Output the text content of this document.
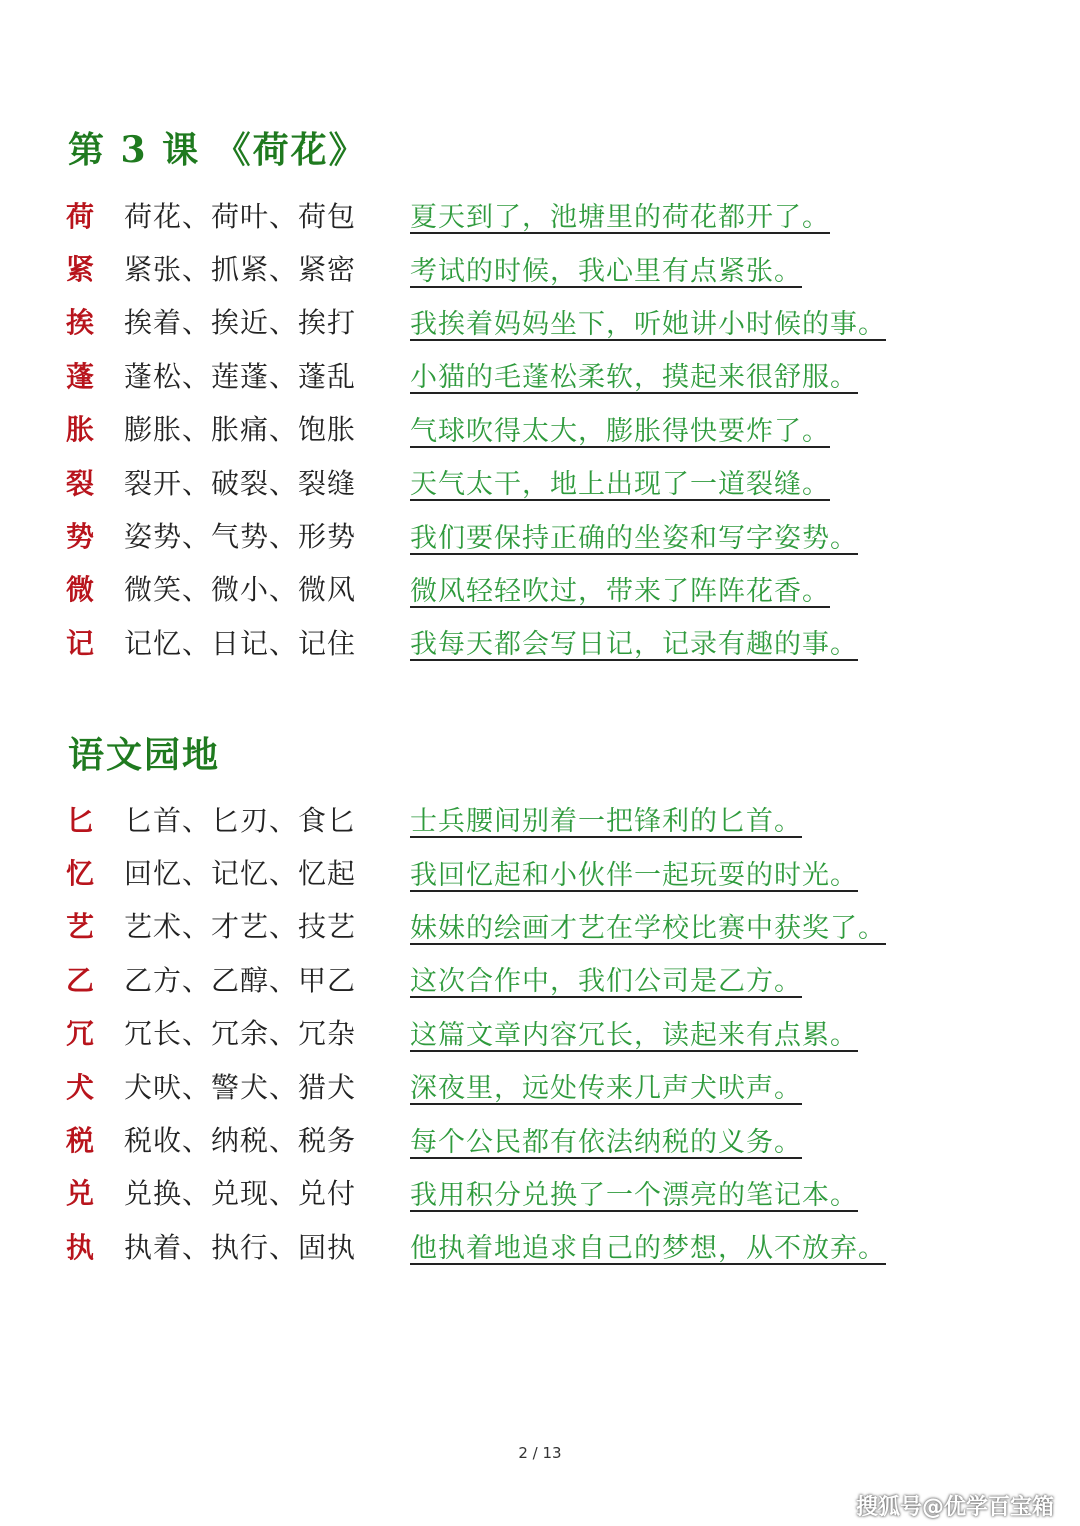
第 3 课 《荷花》
荷	荷花、荷叶、荷包	夏天到了，池塘里的荷花都开了。
紧	紧张、抓紧、紧密	考试的时候，我心里有点紧张。
挨	挨着、挨近、挨打	我挨着妈妈坐下，听她讲小时候的事。
蓬	蓬松、莲蓬、蓬乱	小猫的毛蓬松柔软，摸起来很舒服。
胀	膨胀、胀痛、饱胀	气球吹得太大，膨胀得快要炸了。
裂	裂开、破裂、裂缝	天气太干，地上出现了一道裂缝。
势	姿势、气势、形势	我们要保持正确的坐姿和写字姿势。
微	微笑、微小、微风	微风轻轻吹过，带来了阵阵花香。
记	记忆、日记、记住	我每天都会写日记，记录有趣的事。
语文园地
匕	匕首、匕刃、食匕	士兵腰间别着一把锋利的匕首。
忆	回忆、记忆、忆起	我回忆起和小伙伴一起玩耍的时光。
艺	艺术、才艺、技艺	妹妹的绘画才艺在学校比赛中获奖了。
乙	乙方、乙醇、甲乙	这次合作中，我们公司是乙方。
冗	冗长、冗余、冗杂	这篇文章内容冗长，读起来有点累。
犬	犬吠、警犬、猎犬	深夜里，远处传来几声犬吠声。
税	税收、纳税、税务	每个公民都有依法纳税的义务。
兑	兑换、兑现、兑付	我用积分兑换了一个漂亮的笔记本。
执	执着、执行、固执	他执着地追求自己的梦想，从不放弃。
2 / 13
搜狐号@优学百宝箱
